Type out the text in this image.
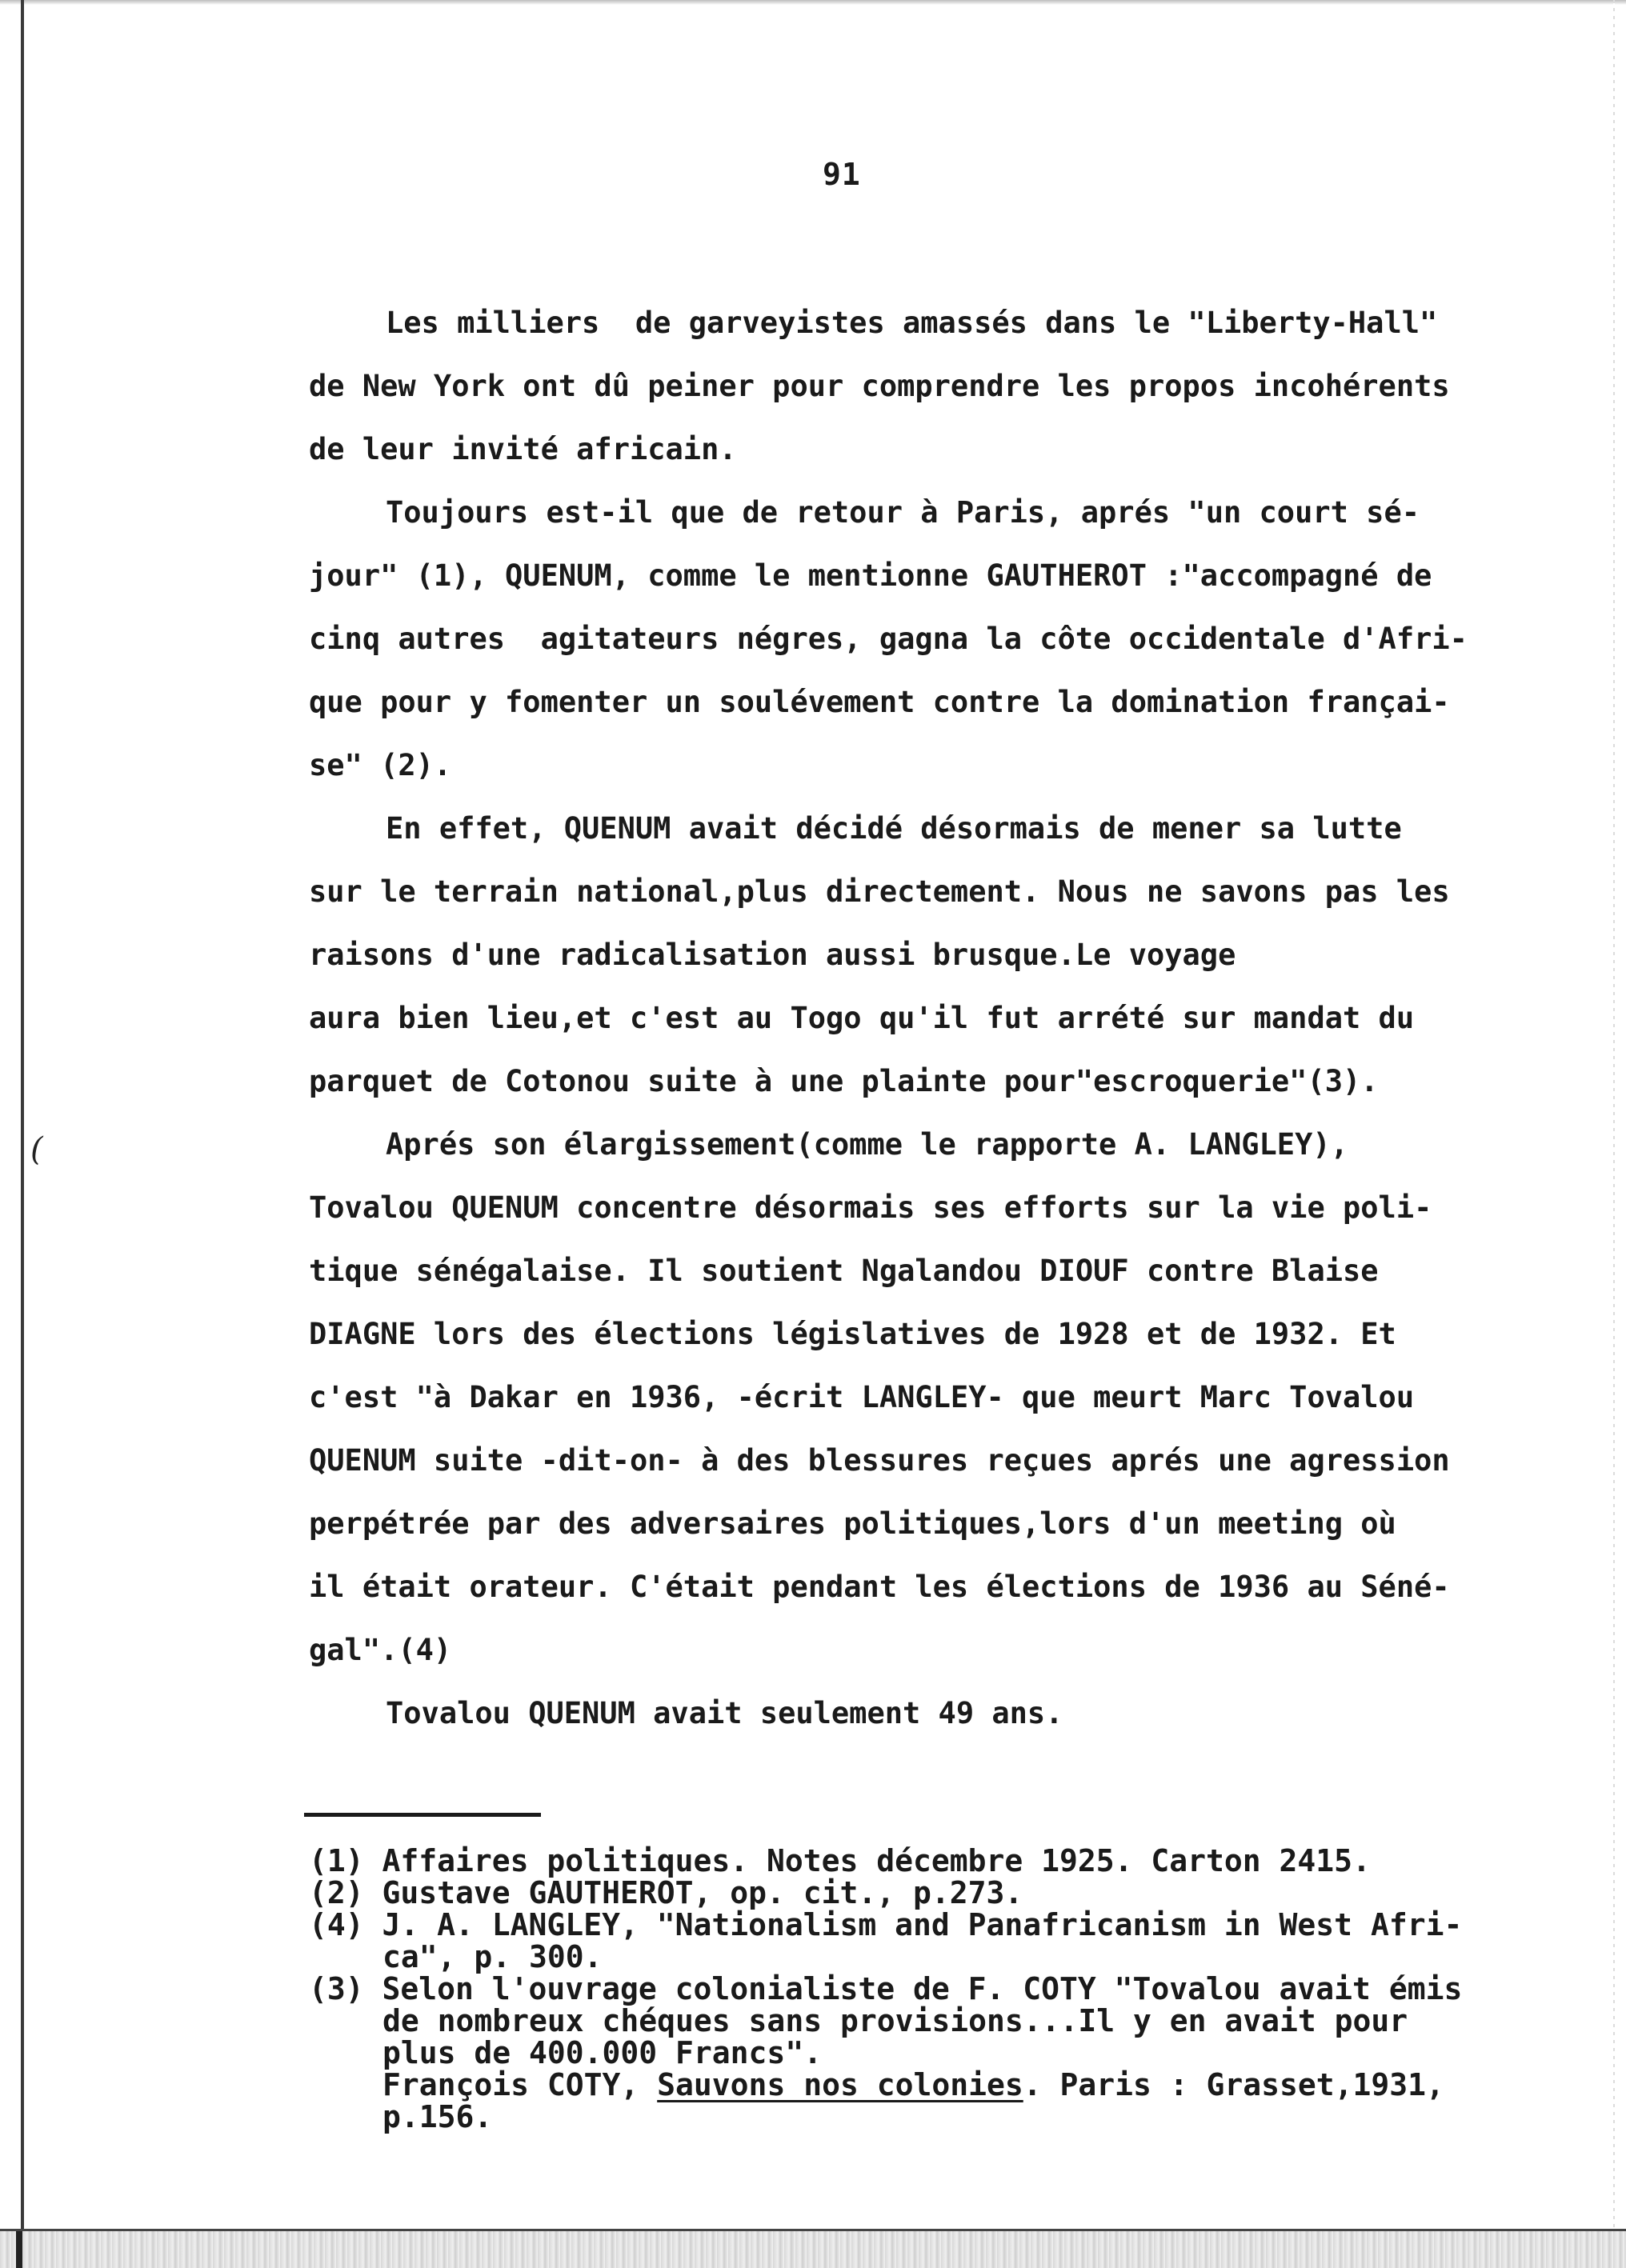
(
91
Les milliers  de garveyistes amassés dans le "Liberty-Hall"
de New York ont dû peiner pour comprendre les propos incohérents
de leur invité africain.
Toujours est-il que de retour à Paris, aprés "un court sé-
jour" (1), QUENUM, comme le mentionne GAUTHEROT :"accompagné de
cinq autres  agitateurs négres, gagna la côte occidentale d'Afri-
que pour y fomenter un soulévement contre la domination françai-
se" (2).
En effet, QUENUM avait décidé désormais de mener sa lutte
sur le terrain national,plus directement. Nous ne savons pas les
raisons d'une radicalisation aussi brusque.Le voyage
aura bien lieu,et c'est au Togo qu'il fut arrété sur mandat du
parquet de Cotonou suite à une plainte pour"escroquerie"(3).
Aprés son élargissement(comme le rapporte A. LANGLEY),
Tovalou QUENUM concentre désormais ses efforts sur la vie poli-
tique sénégalaise. Il soutient Ngalandou DIOUF contre Blaise
DIAGNE lors des élections législatives de 1928 et de 1932. Et
c'est "à Dakar en 1936, -écrit LANGLEY- que meurt Marc Tovalou
QUENUM suite -dit-on- à des blessures reçues aprés une agression
perpétrée par des adversaires politiques,lors d'un meeting où
il était orateur. C'était pendant les élections de 1936 au Séné-
gal".(4)
Tovalou QUENUM avait seulement 49 ans.
(1) Affaires politiques. Notes décembre 1925. Carton 2415.
(2) Gustave GAUTHEROT, op. cit., p.273.
(4) J. A. LANGLEY, "Nationalism and Panafricanism in West Afri-
ca", p. 300.
(3) Selon l'ouvrage colonialiste de F. COTY "Tovalou avait émis
de nombreux chéques sans provisions...Il y en avait pour
plus de 400.000 Francs".
François COTY, Sauvons nos colonies. Paris : Grasset,1931,
p.156.
